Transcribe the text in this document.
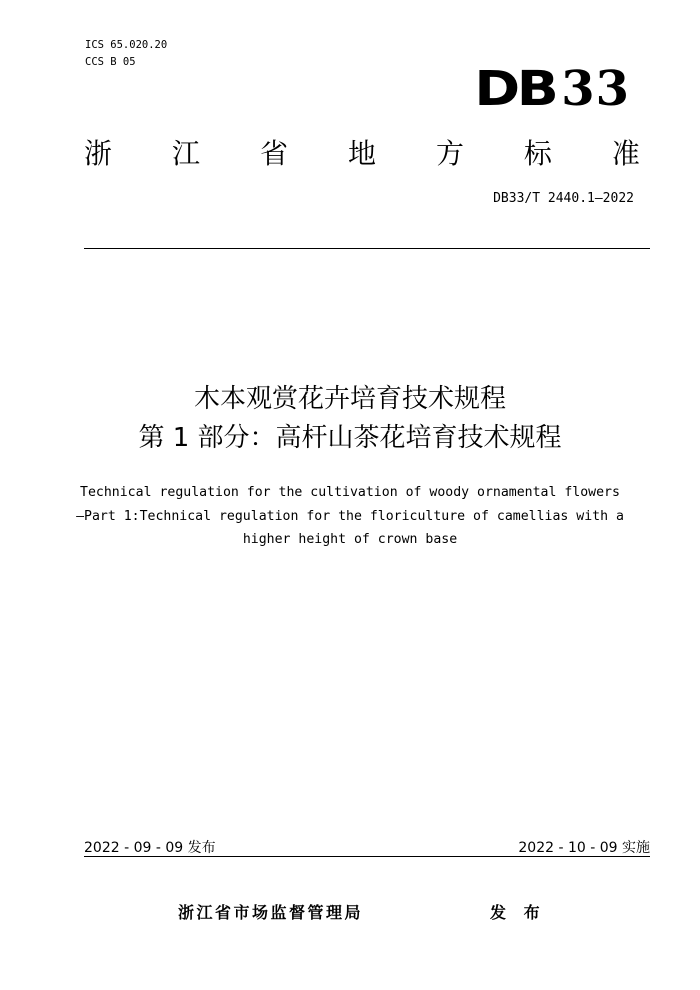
ICS 65.020.20
CCS B 05	DB 33
浙 江 省 地 方 标 准
DB33/T 2440.1—2022
木本观赏花卉培育技术规程
第 1 部分：高杆山茶花培育技术规程
Technical regulation for the cultivation of woody ornamental flowers
—Part 1:Technical regulation for the floriculture of camellias with a
higher height of crown base
2022 - 09 - 09 发布	2022 - 10 - 09 实施
浙江省市场监督管理局	发 布
